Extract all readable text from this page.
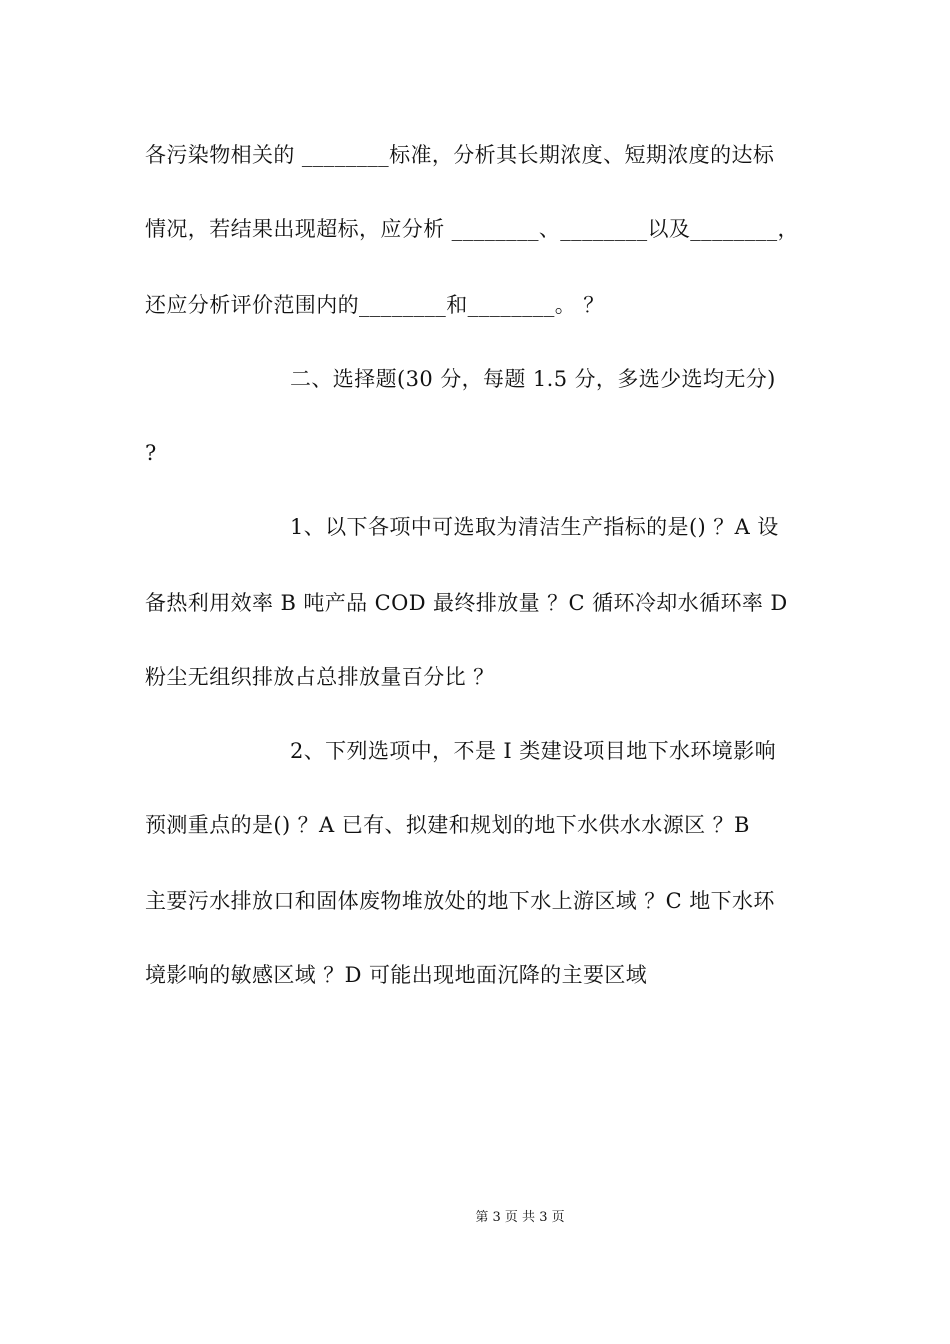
各污染物相关的 ________标准，分析其长期浓度、短期浓度的达标
情况，若结果出现超标，应分析 ________、________以及________，
还应分析评价范围内的________和________。 ？
二、选择题(30 分，每题 1.5 分，多选少选均无分)
?
1、以下各项中可选取为清洁生产指标的是() ？A 设
备热利用效率 B 吨产品 COD 最终排放量 ？C 循环冷却水循环率 D
粉尘无组织排放占总排放量百分比 ？
2、下列选项中，不是 I 类建设项目地下水环境影响
预测重点的是() ？A 已有、拟建和规划的地下水供水水源区 ？B
主要污水排放口和固体废物堆放处的地下水上游区域 ？C 地下水环
境影响的敏感区域 ？D 可能出现地面沉降的主要区域
第 3 页 共 3 页
